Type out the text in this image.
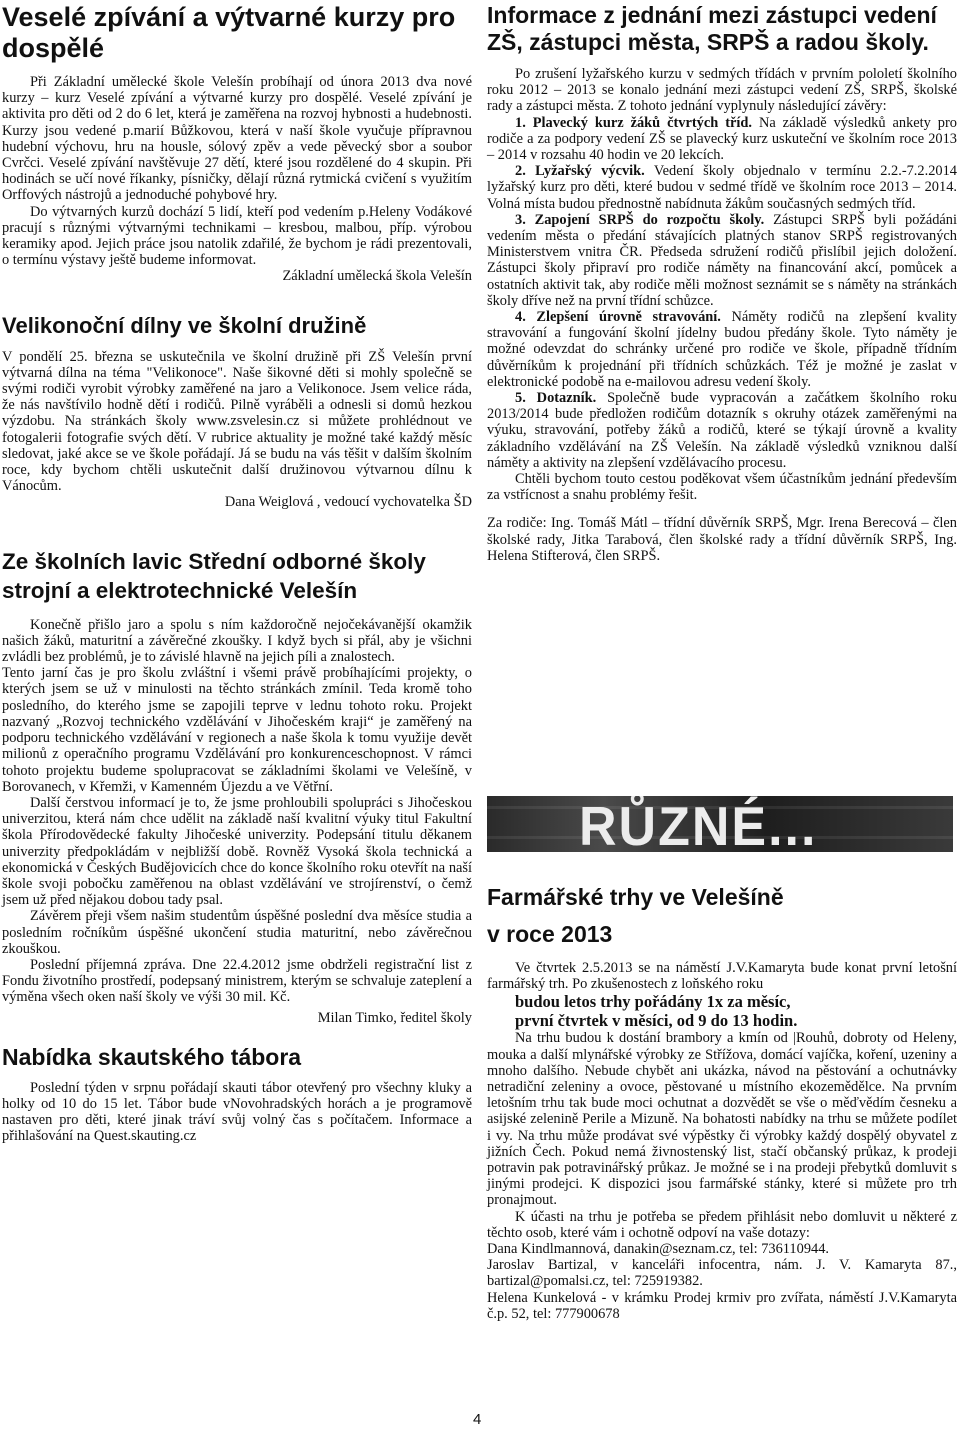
Veselé zpívání a výtvarné kurzy pro dospělé

Při Základní umělecké škole Velešín probíhají od února 2013 dva nové kurzy – kurz Veselé zpívání a výtvarné kurzy pro dospělé. Veselé zpívání je aktivita pro děti od 2 do 6 let, která je zaměřena na rozvoj hybnosti a hudebnosti. Kurzy jsou vedené p.marií Bůžkovou, která v naší škole vyučuje přípravnou hudební výchovu, hru na housle, sólový zpěv a vede pěvecký sbor a soubor Cvrčci. Veselé zpívání navštěvuje 27 dětí, které jsou rozdělené do 4 skupin. Při hodinách se učí nové říkanky, písničky, dělají různá rytmická cvičení s využitím Orffových nástrojů a jednoduché pohybové hry.

Do výtvarných kurzů dochází 5 lidí, kteří pod vedením p.Heleny Vodákové pracují s různými výtvarnými technikami – kresbou, malbou, příp. výrobou keramiky apod. Jejich práce jsou natolik zdařilé, že bychom je rádi prezentovali, o termínu výstavy ještě budeme informovat.

Základní umělecká škola Velešín

Velikonoční dílny ve školní družině

V pondělí 25. března se uskutečnila ve školní družině při ZŠ Velešín první výtvarná dílna na téma "Velikonoce". Naše šikovné děti si mohly společně se svými rodiči vyrobit výrobky zaměřené na jaro a Velikonoce. Jsem velice ráda, že nás navštívilo hodně dětí i rodičů. Pilně vyráběli a odnesli si domů hezkou výzdobu. Na stránkách školy www.zsvelesin.cz si můžete prohlédnout ve fotogalerii fotografie svých dětí. V rubrice aktuality je možné také každý měsíc sledovat, jaké akce se ve škole pořádají. Já se budu na vás těšit v dalším školním roce, kdy bychom chtěli uskutečnit další družinovou výtvarnou dílnu k Vánocům.

Dana Weiglová , vedoucí vychovatelka ŠD

Ze školních lavic Střední odborné školy strojní a elektrotechnické Velešín

Konečně přišlo jaro a spolu s ním každoročně nejočekávanější okamžik našich žáků, maturitní a závěrečné zkoušky. I když bych si přál, aby je všichni zvládli bez problémů, je to závislé hlavně na jejich píli a znalostech.

Tento jarní čas je pro školu zvláštní i všemi právě probíhajícími projekty, o kterých jsem se už v minulosti na těchto stránkách zmínil. Teda kromě toho posledního, do kterého jsme se zapojili teprve v lednu tohoto roku. Projekt nazvaný „Rozvoj technického vzdělávání v Jihočeském kraji“ je zaměřený na podporu technického vzdělávání v regionech a naše škola k tomu využije devět milionů z operačního programu Vzdělávání pro konkurenceschopnost. V rámci tohoto projektu budeme spolupracovat se základními školami ve Velešíně, v Borovanech, v Křemži, v Kamenném Újezdu a ve Větřní.

Další čerstvou informací je to, že jsme prohloubili spolupráci s Jihočeskou univerzitou, která nám chce udělit na základě naší kvalitní výuky titul Fakultní škola Přírodovědecké fakulty Jihočeské univerzity. Podepsání titulu děkanem univerzity předpokládám v nejbližší době. Rovněž Vysoká škola technická a ekonomická v Českých Budějovicích chce do konce školního roku otevřít na naší škole svoji pobočku zaměřenou na oblast vzdělávání ve strojírenství, o čemž jsem už před nějakou dobou tady psal.

Závěrem přeji všem našim studentům úspěšné poslední dva měsíce studia a posledním ročníkům úspěšné ukončení studia maturitní, nebo závěrečnou zkouškou.

Poslední příjemná zpráva. Dne 22.4.2012 jsme obdrželi registrační list z Fondu životního prostředí, podepsaný ministrem, kterým se schvaluje zateplení a výměna všech oken naší školy ve výši 30 mil. Kč.

Milan Timko, ředitel školy

Nabídka skautského tábora

Poslední týden v srpnu pořádají skauti tábor otevřený pro všechny kluky a holky od 10 do 15 let. Tábor bude vNovohradských horách a je programově nastaven pro děti, které jinak tráví svůj volný čas s počítačem. Informace a přihlašování na Quest.skauting.cz

Informace z jednání mezi zástupci vedení ZŠ, zástupci města, SRPŠ a radou školy.

Po zrušení lyžařského kurzu v sedmých třídách v prvním pololetí školního roku 2012 – 2013 se konalo jednání mezi zástupci vedení ZŠ, SRPŠ, školské rady a zástupci města. Z tohoto jednání vyplynuly následující závěry:

1. Plavecký kurz žáků čtvrtých tříd. Na základě výsledků ankety pro rodiče a za podpory vedení ZŠ se plavecký kurz uskuteční ve školním roce 2013 – 2014 v rozsahu 40 hodin ve 20 lekcích.

2. Lyžařský výcvik. Vedení školy objednalo v termínu 2.2.-7.2.2014 lyžařský kurz pro děti, které budou v sedmé třídě ve školním roce 2013 – 2014. Volná místa budou přednostně nabídnuta žákům současných sedmých tříd.

3. Zapojení SRPŠ do rozpočtu školy. Zástupci SRPŠ byli požádáni vedením města o předání stávajících platných stanov SRPŠ registrovaných Ministerstvem vnitra ČR. Předseda sdružení rodičů přislíbil jejich doložení. Zástupci školy připraví pro rodiče náměty na financování akcí, pomůcek a ostatních aktivit tak, aby rodiče měli možnost seznámit se s náměty na stránkách školy dříve než na první třídní schůzce.

4. Zlepšení úrovně stravování. Náměty rodičů na zlepšení kvality stravování a fungování školní jídelny budou předány škole. Tyto náměty je možné odevzdat do schránky určené pro rodiče ve škole, případně třídním důvěrníkům k projednání při třídních schůzkách. Též je možné je zaslat v elektronické podobě na e-mailovou adresu vedení školy.

5. Dotazník. Společně bude vypracován a začátkem školního roku 2013/2014 bude předložen rodičům dotazník s okruhy otázek zaměřenými na výuku, stravování, potřeby žáků a rodičů, které se týkají úrovně a kvality základního vzdělávání na ZŠ Velešín. Na základě výsledků vzniknou další náměty a aktivity na zlepšení vzdělávacího procesu.

Chtěli bychom touto cestou poděkovat všem účastníkům jednání především za vstřícnost a snahu problémy řešit.

Za rodiče: Ing. Tomáš Mátl – třídní důvěrník SRPŠ, Mgr. Irena Berecová – člen školské rady, Jitka Tarabová, člen školské rady a třídní důvěrník SRPŠ, Ing. Helena Stifterová, člen SRPŠ.

Farmářské trhy ve Velešíně
v roce 2013

Ve čtvrtek 2.5.2013 se na náměstí J.V.Kamaryta bude konat první letošní farmářský trh. Po zkušenostech z loňského roku

budou letos trhy pořádány 1x za měsíc,

první čtvrtek v měsíci, od 9 do 13 hodin.

Na trhu budou k dostání brambory a kmín od |Rouhů, dobroty od Heleny, mouka a další mlynářské výrobky ze Střížova, domácí vajíčka, koření, uzeniny a mnoho dalšího. Nebude chybět ani ukázka, návod na pěstování a ochutnávky netradiční zeleniny a ovoce, pěstované u místního ekozemědělce. Na prvním letošním trhu tak bude moci ochutnat a dozvědět se vše o měďvědím česneku a asijské zelenině Perile a Mizuně. Na bohatosti nabídky na trhu se můžete podílet i vy. Na trhu může prodávat své výpěstky či výrobky každý dospělý obyvatel z jižních Čech. Pokud nemá živnostenský list, stačí občanský průkaz, k prodeji potravin pak potravinářský průkaz. Je možné se i na prodeji přebytků domluvit s jinými prodejci. K dispozici jsou farmářské stánky, které si můžete pro trh pronajmout.

K účasti na trhu je potřeba se předem přihlásit nebo domluvit u některé z těchto osob, které vám i ochotně odpoví na vaše dotazy:

Dana Kindlmannová, danakin@seznam.cz, tel: 736110944.

Jaroslav Bartizal, v kanceláři infocentra, nám. J. V. Kamaryta 87., bartizal@pomalsi.cz, tel: 725919382.

Helena Kunkelová - v krámku Prodej krmiv pro zvířata, náměstí J.V.Kamaryta č.p. 52, tel: 777900678

RŮZNÉ...
4
